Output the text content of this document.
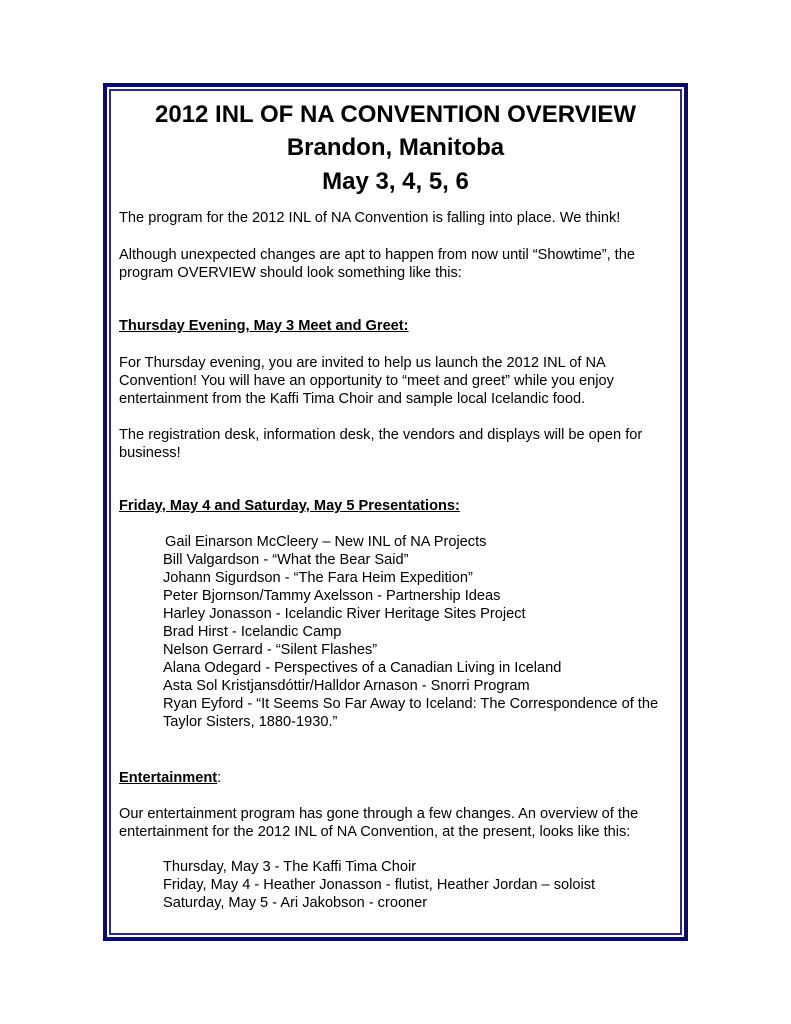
2012 INL OF NA CONVENTION OVERVIEW
Brandon, Manitoba
May 3, 4, 5, 6

The program for the 2012 INL of NA Convention is falling into place. We think!

Although unexpected changes are apt to happen from now until “Showtime”, the program OVERVIEW should look something like this:

Thursday Evening, May 3 Meet and Greet:

For Thursday evening, you are invited to help us launch the 2012 INL of NA Convention! You will have an opportunity to “meet and greet” while you enjoy entertainment from the Kaffi Tima Choir and sample local Icelandic food.

The registration desk, information desk, the vendors and displays will be open for business!

Friday, May 4 and Saturday, May 5 Presentations:

Gail Einarson McCleery – New INL of NA Projects
Bill Valgardson - “What the Bear Said”
Johann Sigurdson - “The Fara Heim Expedition”
Peter Bjornson/Tammy Axelsson - Partnership Ideas
Harley Jonasson - Icelandic River Heritage Sites Project
Brad Hirst - Icelandic Camp
Nelson Gerrard - “Silent Flashes”
Alana Odegard - Perspectives of a Canadian Living in Iceland
Asta Sol Kristjansdóttir/Halldor Arnason - Snorri Program
Ryan Eyford - “It Seems So Far Away to Iceland: The Correspondence of the Taylor Sisters, 1880-1930.”

Entertainment:

Our entertainment program has gone through a few changes. An overview of the entertainment for the 2012 INL of NA Convention, at the present, looks like this:

Thursday, May 3 - The Kaffi Tima Choir
Friday, May 4 - Heather Jonasson - flutist, Heather Jordan – soloist
Saturday, May 5 - Ari Jakobson - crooner
